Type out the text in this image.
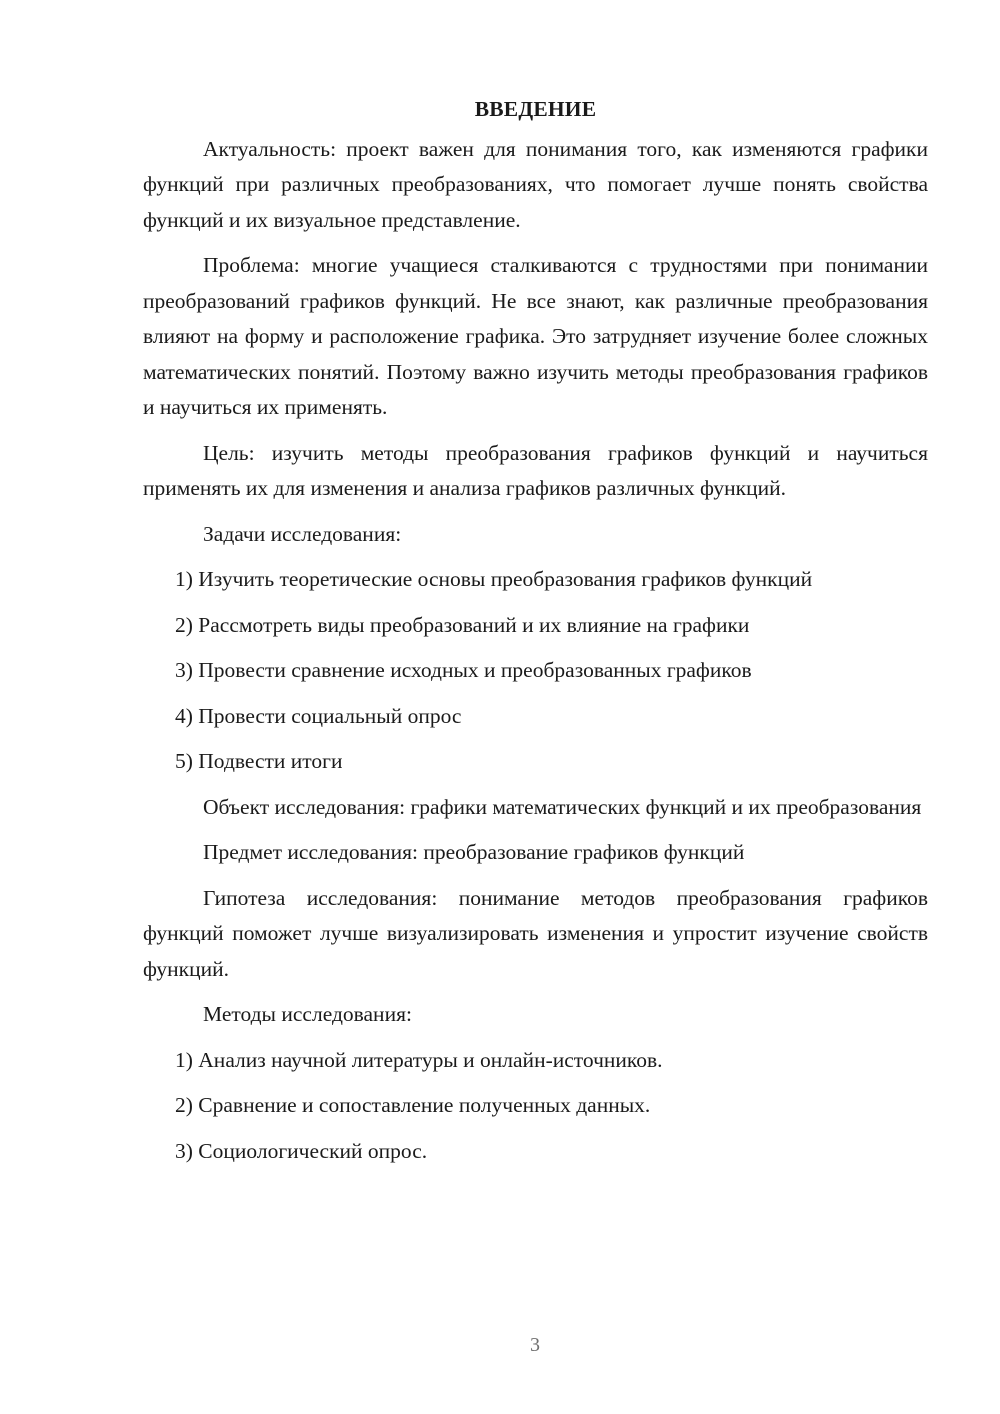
ВВЕДЕНИЕ
Актуальность: проект важен для понимания того, как изменяются графики функций при различных преобразованиях, что помогает лучше понять свойства функций и их визуальное представление.
Проблема: многие учащиеся сталкиваются с трудностями при понимании преобразований графиков функций. Не все знают, как различные преобразования влияют на форму и расположение графика. Это затрудняет изучение более сложных математических понятий. Поэтому важно изучить методы преобразования графиков и научиться их применять.
Цель: изучить методы преобразования графиков функций и научиться применять их для изменения и анализа графиков различных функций.
Задачи исследования:
1) Изучить теоретические основы преобразования графиков функций
2) Рассмотреть виды преобразований и их влияние на графики
3) Провести сравнение исходных и преобразованных графиков
4) Провести социальный опрос
5) Подвести итоги
Объект исследования: графики математических функций и их преобразования
Предмет исследования: преобразование графиков функций
Гипотеза исследования: понимание методов преобразования графиков функций поможет лучше визуализировать изменения и упростит изучение свойств функций.
Методы исследования:
1) Анализ научной литературы и онлайн-источников.
2) Сравнение и сопоставление полученных данных.
3) Социологический опрос.
3
